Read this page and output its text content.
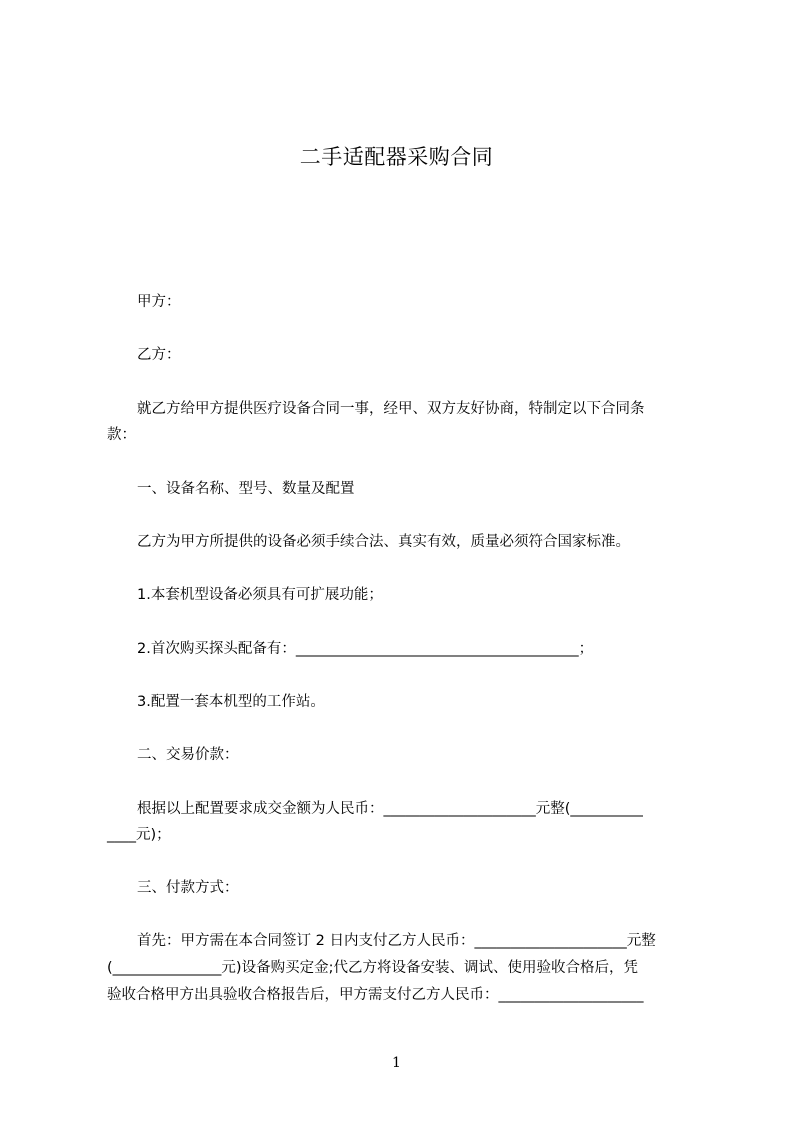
二手适配器采购合同
甲方：
乙方：
就乙方给甲方提供医疗设备合同一事，经甲、双方友好协商，特制定以下合同条
款：
一、设备名称、型号、数量及配置
乙方为甲方所提供的设备必须手续合法、真实有效，质量必须符合国家标准。
1.本套机型设备必须具有可扩展功能；
2.首次购买探头配备有：_______________________________________；
3.配置一套本机型的工作站。
二、交易价款：
根据以上配置要求成交金额为人民币：_____________________元整(__________
____元)；
三、付款方式：
首先：甲方需在本合同签订 2 日内支付乙方人民币：_____________________元整
(_______________元)设备购买定金;代乙方将设备安装、调试、使用验收合格后，凭
验收合格甲方出具验收合格报告后，甲方需支付乙方人民币：____________________
1
